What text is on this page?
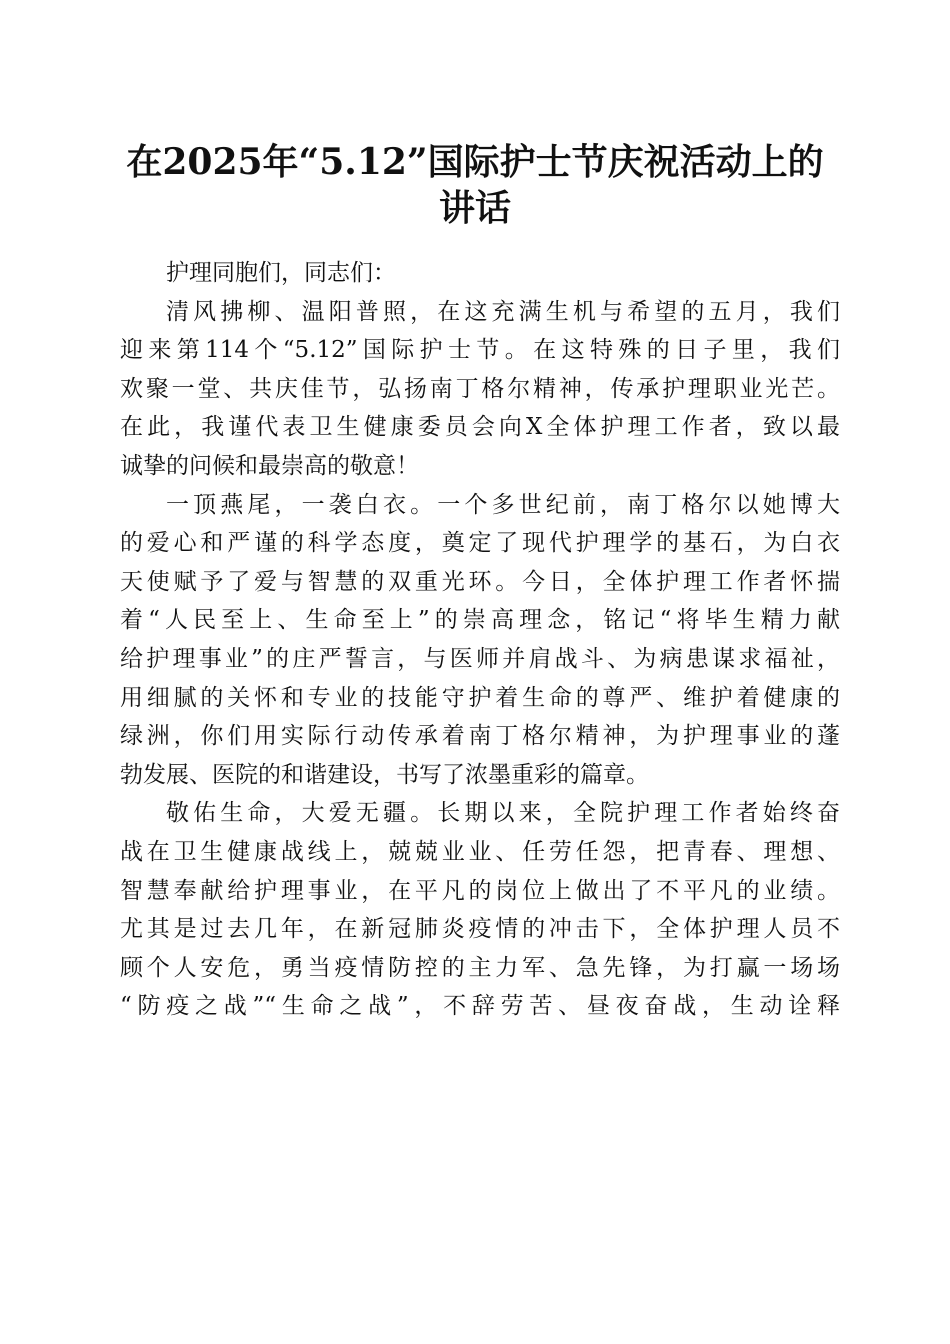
在2025年“5.12”国际护士节庆祝活动上的
讲话
护理同胞们，同志们：
清风拂柳、温阳普照，在这充满生机与希望的五月，我们
迎来第114个“5.12”国际护士节。在这特殊的日子里，我们
欢聚一堂、共庆佳节，弘扬南丁格尔精神，传承护理职业光芒。
在此，我谨代表卫生健康委员会向X全体护理工作者，致以最
诚挚的问候和最崇高的敬意！
一顶燕尾，一袭白衣。一个多世纪前，南丁格尔以她博大
的爱心和严谨的科学态度，奠定了现代护理学的基石，为白衣
天使赋予了爱与智慧的双重光环。今日，全体护理工作者怀揣
着“人民至上、生命至上”的崇高理念，铭记“将毕生精力献
给护理事业”的庄严誓言，与医师并肩战斗、为病患谋求福祉，
用细腻的关怀和专业的技能守护着生命的尊严、维护着健康的
绿洲，你们用实际行动传承着南丁格尔精神，为护理事业的蓬
勃发展、医院的和谐建设，书写了浓墨重彩的篇章。
敬佑生命，大爱无疆。长期以来，全院护理工作者始终奋
战在卫生健康战线上，兢兢业业、任劳任怨，把青春、理想、
智慧奉献给护理事业，在平凡的岗位上做出了不平凡的业绩。
尤其是过去几年，在新冠肺炎疫情的冲击下，全体护理人员不
顾个人安危，勇当疫情防控的主力军、急先锋，为打赢一场场
“防疫之战”“生命之战”，不辞劳苦、昼夜奋战，生动诠释
